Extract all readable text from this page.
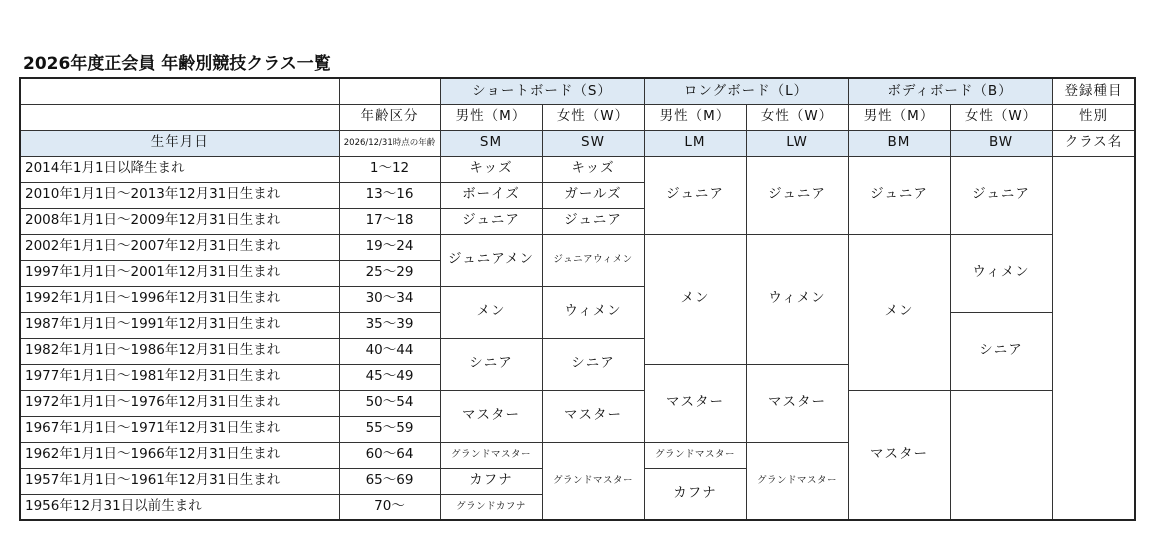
2026年度正会員 年齢別競技クラス一覧
		ショートボード（S）		ロングボード（L）		ボディボード（B）		登録種目	
	年齢区分	男性（M）	女性（W）	男性（M）	女性（W）	男性（M）	女性（W）	性別	
生年月日	2026/12/31時点の年齢	SM	SW	LM	LW	BM	BW	クラス名	
2014年1月1日以降生まれ	1～12	キッズ	キッズ	ジュニア	ジュニア	ジュニア	ジュニア		
2010年1月1日～2013年12月31日生まれ	13～16	ボーイズ	ガールズ						
2008年1月1日～2009年12月31日生まれ	17～18	ジュニア	ジュニア						
2002年1月1日～2007年12月31日生まれ	19～24	ジュニアメン	ジュニアウィメン	メン	ウィメン	メン	ウィメン		
1997年1月1日～2001年12月31日生まれ	25～29								
1992年1月1日～1996年12月31日生まれ	30～34	メン	ウィメン						
1987年1月1日～1991年12月31日生まれ	35～39						シニア		
1982年1月1日～1986年12月31日生まれ	40～44	シニア	シニア						
1977年1月1日～1981年12月31日生まれ	45～49			マスター	マスター	
1972年1月1日～1976年12月31日生まれ	50～54	マスター	マスター			マスター			
1967年1月1日～1971年12月31日生まれ	55～59								
1962年1月1日～1966年12月31日生まれ	60～64	グランドマスター	グランドマスター	グランドマスター	グランドマスター				
1957年1月1日～1961年12月31日生まれ	65～69	カフナ		カフナ					
1956年12月31日以前生まれ	70～	グランドカフナ							
